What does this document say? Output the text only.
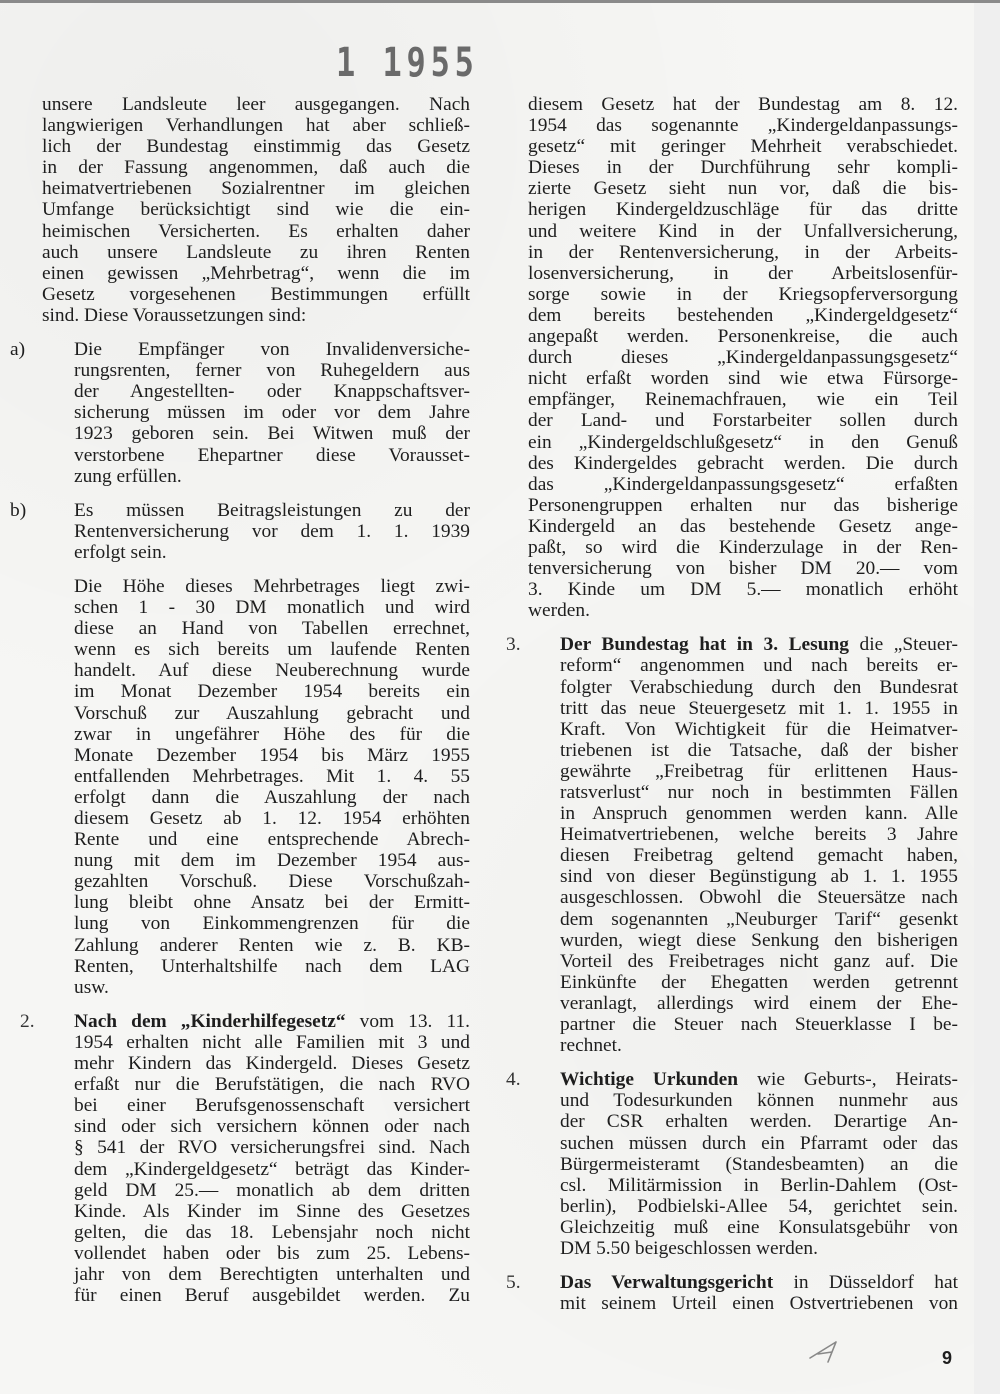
1 1955
unsere Landsleute leer ausgegangen. Nach
langwierigen Verhandlungen hat aber schließ-
lich der Bundestag einstimmig das Gesetz
in der Fassung angenommen, daß auch die
heimatvertriebenen Sozialrentner im gleichen
Umfange berücksichtigt sind wie die ein-
heimischen Versicherten. Es erhalten daher
auch unsere Landsleute zu ihren Renten
einen gewissen „Mehrbetrag“, wenn die im
Gesetz vorgesehenen Bestimmungen erfüllt
sind. Diese Voraussetzungen sind:
a)	Die Empfänger von Invalidenversiche-
rungsrenten, ferner von Ruhegeldern aus
der Angestellten- oder Knappschaftsver-
sicherung müssen im oder vor dem Jahre
1923 geboren sein. Bei Witwen muß der
verstorbene Ehepartner diese Vorausset-
zung erfüllen.
b) Es müssen Beitragsleistungen zu der
Rentenversicherung vor dem 1. 1. 1939
erfolgt sein.
Die Höhe dieses Mehrbetrages liegt zwi-
schen 1 - 30 DM monatlich und wird
diese an Hand von Tabellen errechnet,
wenn es sich bereits um laufende Renten
handelt. Auf diese Neuberechnung wurde
im Monat Dezember 1954 bereits ein
Vorschuß zur Auszahlung gebracht und
zwar in ungefährer Höhe des für die
Monate Dezember 1954 bis März 1955
entfallenden Mehrbetrages. Mit 1. 4. 55
erfolgt dann die Auszahlung der nach
diesem Gesetz ab 1. 12. 1954 erhöhten
Rente und eine entsprechende Abrech-
nung mit dem im Dezember 1954 aus-
gezahlten Vorschuß. Diese Vorschußzah-
lung bleibt ohne Ansatz bei der Ermitt-
lung von Einkommengrenzen für die
Zahlung anderer Renten wie z. B. KB-
Renten, Unterhaltshilfe nach dem LAG
usw.
2. Nach dem „Kinderhilfegesetz“ vom 13. 11.
1954 erhalten nicht alle Familien mit 3 und
mehr Kindern das Kindergeld. Dieses Gesetz
erfaßt nur die Berufstätigen, die nach RVO
bei einer Berufsgenossenschaft versichert
sind oder sich versichern können oder nach
§ 541 der RVO versicherungsfrei sind. Nach
dem „Kindergeldgesetz“ beträgt das Kinder-
geld DM 25.— monatlich ab dem dritten
Kinde. Als Kinder im Sinne des Gesetzes
gelten, die das 18. Lebensjahr noch nicht
vollendet haben oder bis zum 25. Lebens-
jahr von dem Berechtigten unterhalten und
für einen Beruf ausgebildet werden. Zu
diesem Gesetz hat der Bundestag am 8. 12.
1954 das sogenannte „Kindergeldanpassungs-
gesetz“ mit geringer Mehrheit verabschiedet.
Dieses in der Durchführung sehr kompli-
zierte Gesetz sieht nun vor, daß die bis-
herigen Kindergeldzuschläge für das dritte
und weitere Kind in der Unfallversicherung,
in der Rentenversicherung, in der Arbeits-
losenversicherung, in der Arbeitslosenfür-
sorge sowie in der Kriegsopferversorgung
dem bereits bestehenden „Kindergeldgesetz“
angepaßt werden. Personenkreise, die auch
durch dieses „Kindergeldanpassungsgesetz“
nicht erfaßt worden sind wie etwa Fürsorge-
empfänger, Reinemachfrauen, wie ein Teil
der Land- und Forstarbeiter sollen durch
ein „Kindergeldschlußgesetz“ in den Genuß
des Kindergeldes gebracht werden. Die durch
das „Kindergeldanpassungsgesetz“ erfaßten
Personengruppen erhalten nur das bisherige
Kindergeld an das bestehende Gesetz ange-
paßt, so wird die Kinderzulage in der Ren-
tenversicherung von bisher DM 20.— vom
3. Kinde um DM 5.— monatlich erhöht
werden.
3. Der Bundestag hat in 3. Lesung die „Steuer-
reform“ angenommen und nach bereits er-
folgter Verabschiedung durch den Bundesrat
tritt das neue Steuergesetz mit 1. 1. 1955 in
Kraft. Von Wichtigkeit für die Heimatver-
triebenen ist die Tatsache, daß der bisher
gewährte „Freibetrag für erlittenen Haus-
ratsverlust“ nur noch in bestimmten Fällen
in Anspruch genommen werden kann. Alle
Heimatvertriebenen, welche bereits 3 Jahre
diesen Freibetrag geltend gemacht haben,
sind von dieser Begünstigung ab 1. 1. 1955
ausgeschlossen. Obwohl die Steuersätze nach
dem sogenannten „Neuburger Tarif“ gesenkt
wurden, wiegt diese Senkung den bisherigen
Vorteil des Freibetrages nicht ganz auf. Die
Einkünfte der Ehegatten werden getrennt
veranlagt, allerdings wird einem der Ehe-
partner die Steuer nach Steuerklasse I be-
rechnet.
4. Wichtige Urkunden wie Geburts-, Heirats-
und Todesurkunden können nunmehr aus
der CSR erhalten werden. Derartige An-
suchen müssen durch ein Pfarramt oder das
Bürgermeisteramt (Standesbeamten) an die
csl. Militärmission in Berlin-Dahlem (Ost-
berlin), Podbielski-Allee 54, gerichtet sein.
Gleichzeitig muß eine Konsulatsgebühr von
DM 5.50 beigeschlossen werden.
5. Das Verwaltungsgericht in Düsseldorf hat
mit seinem Urteil einen Ostvertriebenen von
9
